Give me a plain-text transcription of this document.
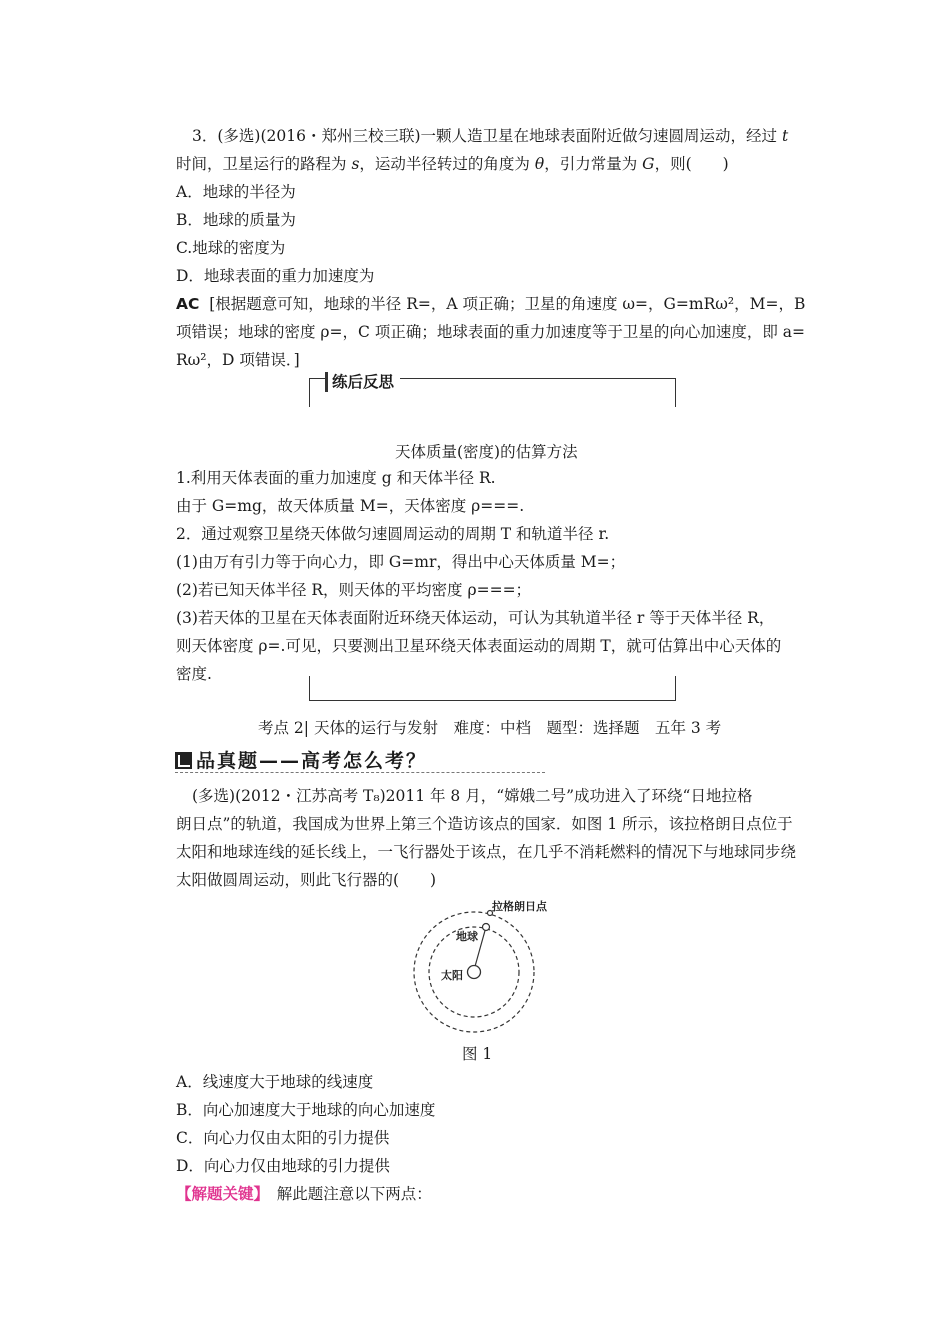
3．(多选)(2016・郑州三校三联)一颗人造卫星在地球表面附近做匀速圆周运动，经过 t
时间，卫星运行的路程为 s，运动半径转过的角度为 θ，引力常量为 G，则(　　)
A．地球的半径为
B．地球的质量为
C.地球的密度为
D．地球表面的重力加速度为
AC [根据题意可知，地球的半径 R=，A 项正确；卫星的角速度 ω=，G=mRω²，M=，B
项错误；地球的密度 ρ=，C 项正确；地球表面的重力加速度等于卫星的向心加速度，即 a=
Rω²，D 项错误．]
练后反思
天体质量(密度)的估算方法
1.利用天体表面的重力加速度 g 和天体半径 R.
由于 G=mg，故天体质量 M=，天体密度 ρ===.
2．通过观察卫星绕天体做匀速圆周运动的周期 T 和轨道半径 r.
(1)由万有引力等于向心力，即 G=mr，得出中心天体质量 M=；
(2)若已知天体半径 R，则天体的平均密度 ρ===；
(3)若天体的卫星在天体表面附近环绕天体运动，可认为其轨道半径 r 等于天体半径 R，
则天体密度 ρ=.可见，只要测出卫星环绕天体表面运动的周期 T，就可估算出中心天体的
密度.
考点 2| 天体的运行与发射　难度：中档　题型：选择题　五年 3 考
品真题——高考怎么考？
(多选)(2012・江苏高考 T₈)2011 年 8 月，“嫦娥二号”成功进入了环绕“日地拉格
朗日点”的轨道，我国成为世界上第三个造访该点的国家．如图 1 所示，该拉格朗日点位于
太阳和地球连线的延长线上，一飞行器处于该点，在几乎不消耗燃料的情况下与地球同步绕
太阳做圆周运动，则此飞行器的(　　)
拉格朗日点
地球
太阳
图 1
A．线速度大于地球的线速度
B．向心加速度大于地球的向心加速度
C．向心力仅由太阳的引力提供
D．向心力仅由地球的引力提供
【解题关键】　解此题注意以下两点：
